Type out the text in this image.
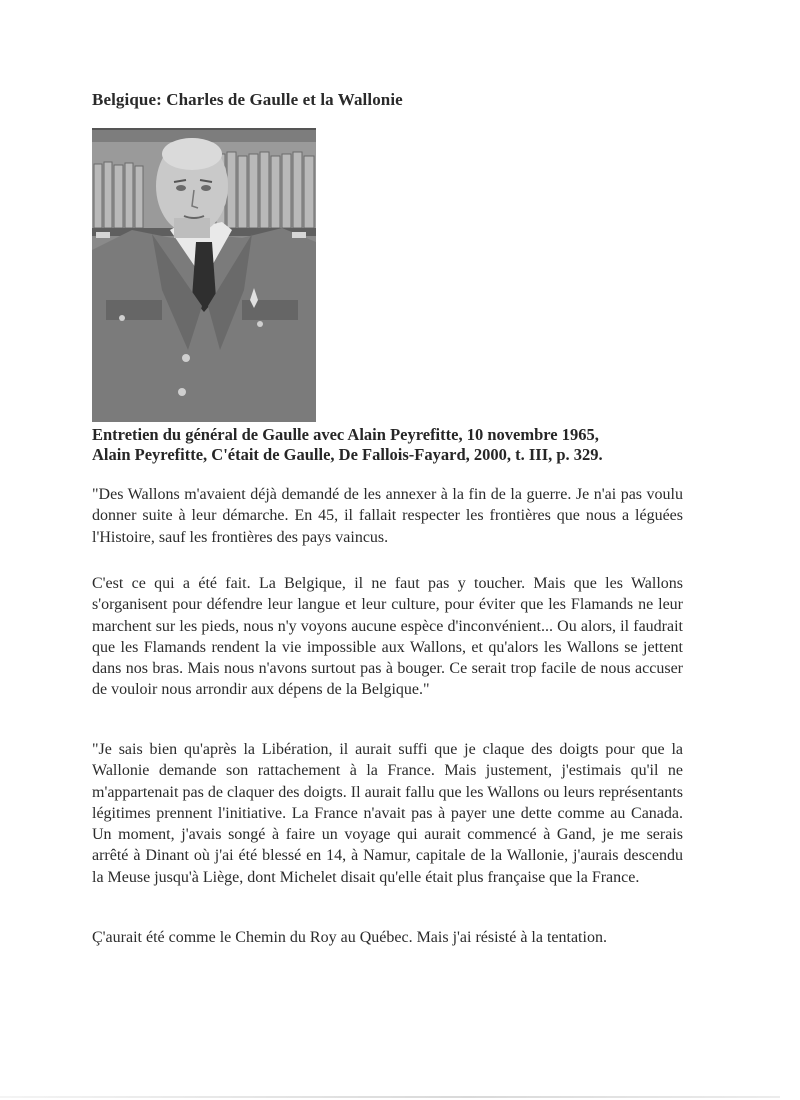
Belgique: Charles de Gaulle et la Wallonie

Entretien du général de Gaulle avec Alain Peyrefitte, 10 novembre 1965,
Alain Peyrefitte, C'était de Gaulle, De Fallois-Fayard, 2000, t. III, p. 329.

"Des Wallons m'avaient déjà demandé de les annexer à la fin de la guerre. Je n'ai pas voulu donner suite à leur démarche. En 45, il fallait respecter les frontières que nous a léguées l'Histoire, sauf les frontières des pays vaincus.

C'est ce qui a été fait. La Belgique, il ne faut pas y toucher. Mais que les Wallons s'organisent pour défendre leur langue et leur culture, pour éviter que les Flamands ne leur marchent sur les pieds, nous n'y voyons aucune espèce d'inconvénient... Ou alors, il faudrait que les Flamands rendent la vie impossible aux Wallons, et qu'alors les Wallons se jettent dans nos bras. Mais nous n'avons surtout pas à bouger. Ce serait trop facile de nous accuser de vouloir nous arrondir aux dépens de la Belgique."

"Je sais bien qu'après la Libération, il aurait suffi que je claque des doigts pour que la Wallonie demande son rattachement à la France. Mais justement, j'estimais qu'il ne m'appartenait pas de claquer des doigts. Il aurait fallu que les Wallons ou leurs représentants légitimes prennent l'initiative. La France n'avait pas à payer une dette comme au Canada. Un moment, j'avais songé à faire un voyage qui aurait commencé à Gand, je me serais arrêté à Dinant où j'ai été blessé en 14, à Namur, capitale de la Wallonie, j'aurais descendu la Meuse jusqu'à Liège, dont Michelet disait qu'elle était plus française que la France.

Ç'aurait été comme le Chemin du Roy au Québec. Mais j'ai résisté à la tentation.
